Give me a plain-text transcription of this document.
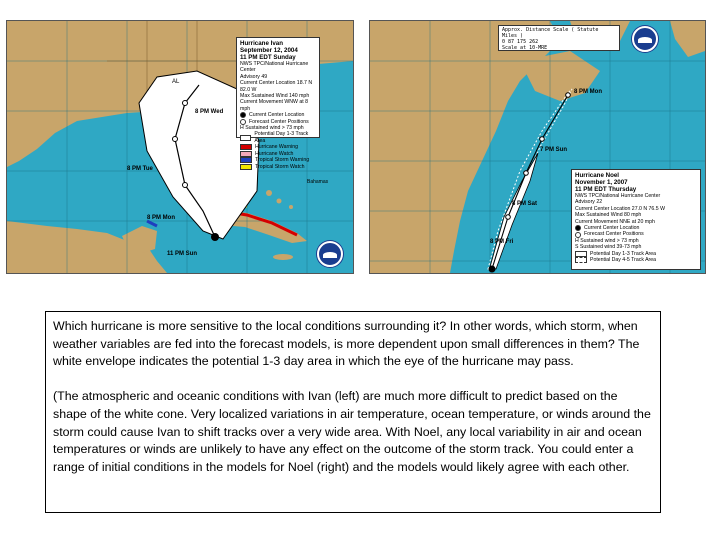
8 PM Wed
8 PM Tue
8 PM Mon
11 PM Sun
AL
Bahamas
Hurricane Ivan
September 12, 2004
11 PM EDT Sunday
NWS TPC/National Hurricane Center
Advisory 49
Current Center Location 18.7 N 82.0 W
Max Sustained Wind 140 mph
Current Movement WNW at 8 mph
Current Center Location
Forecast Center Positions
H Sustained wind > 73 mph
Potential Day 1-3 Track Area
Hurricane Warning
Hurricane Watch
Tropical Storm Warning
Tropical Storm Watch
Approx. Distance Scale ( Statute Miles )
0 87 175 262
Scale at 10-MRE
8 PM Mon
7 PM Sun
8 PM Sat
8 PM Fri
Hurricane Noel
November 1, 2007
11 PM EDT Thursday
NWS TPC/National Hurricane Center
Advisory 22
Current Center Location 27.0 N 76.5 W
Max Sustained Wind 80 mph
Current Movement NNE at 20 mph
Current Center Location
Forecast Center Positions
H Sustained wind > 73 mph
S Sustained wind 39-73 mph
Potential Day 1-3 Track Area
Potential Day 4-5 Track Area

Which hurricane is more sensitive to the local conditions surrounding it? In other words, which storm, when weather variables are fed into the forecast models, is more dependent upon small differences in them? The white envelope indicates the potential 1-3 day area in which the eye of the hurricane may pass.

(The atmospheric and oceanic conditions with Ivan (left) are much more difficult to predict based on the shape of the white cone. Very localized variations in air temperature, ocean temperature, or winds around the storm could cause Ivan to shift tracks over a very wide area. With Noel, any local variability in air and ocean temperatures or winds are unlikely to have any effect on the outcome of the storm track. You could enter a range of initial conditions in the models for Noel (right) and the models would likely agree with each other.
